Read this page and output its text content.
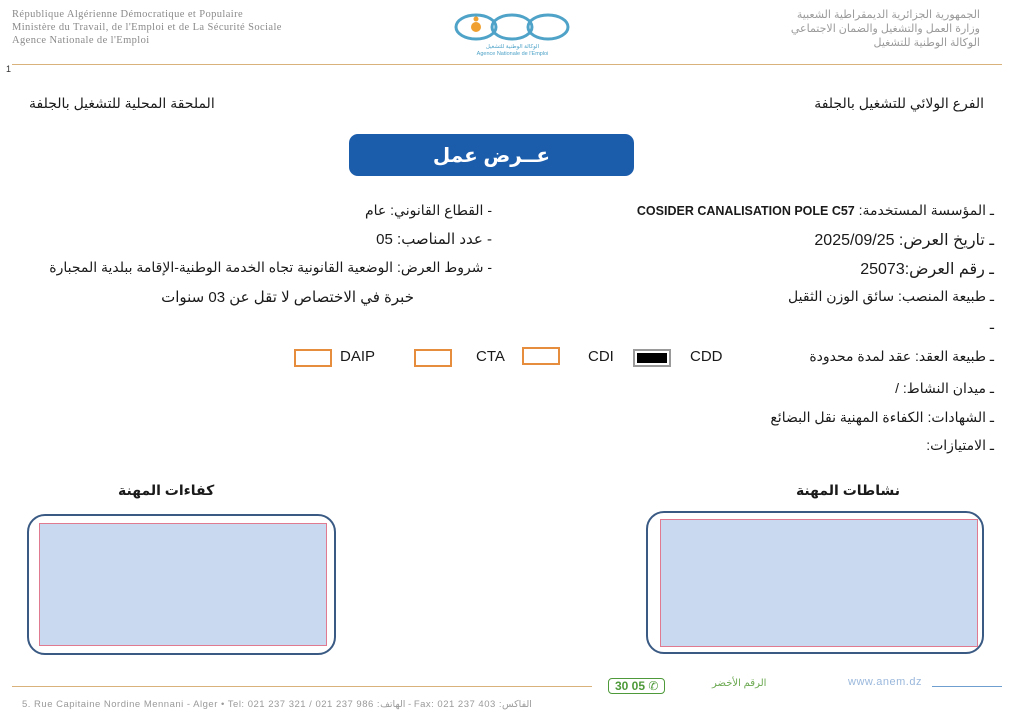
République Algérienne Démocratique et Populaire
Ministère du Travail, de l'Emploi et de La Sécurité Sociale
Agence Nationale de l'Emploi
الوكالة الوطنية للتشغيل
Agence Nationale de l'Emploi
الجمهورية الجزائرية الديمقراطية الشعبية
وزارة العمل والتشغيل والضمان الاجتماعي
الوكالة الوطنية للتشغيل
1
الفرع الولائي للتشغيل بالجلفة
الملحقة المحلية للتشغيل بالجلفة
عــرض عمل
ـ المؤسسة المستخدمة: COSIDER CANALISATION POLE C57
ـ تاريخ العرض: 2025/09/25
ـ رقم العرض:25073
ـ طبيعة المنصب: سائق الوزن الثقيل
ـ
ـ طبيعة العقد: عقد لمدة محدودة
ـ ميدان النشاط: /
ـ الشهادات: الكفاءة المهنية نقل البضائع
ـ الامتيازات:
- القطاع القانوني: عام
- عدد المناصب: 05
- شروط العرض: الوضعية القانونية تجاه الخدمة الوطنية-الإقامة ببلدية المجبارة
خبرة في الاختصاص لا تقل عن 03 سنوات
CDD
CDI
CTA
DAIP
نشاطات المهنة
كفاءات المهنة
30 05 ✆	الرقم الأخضر	www.anem.dz
5. Rue Capitaine Nordine Mennani - Alger • Tel: 021 237 321 / 021 237 986 :الهاتف - Fax: 021 237 403 :الفاكس
